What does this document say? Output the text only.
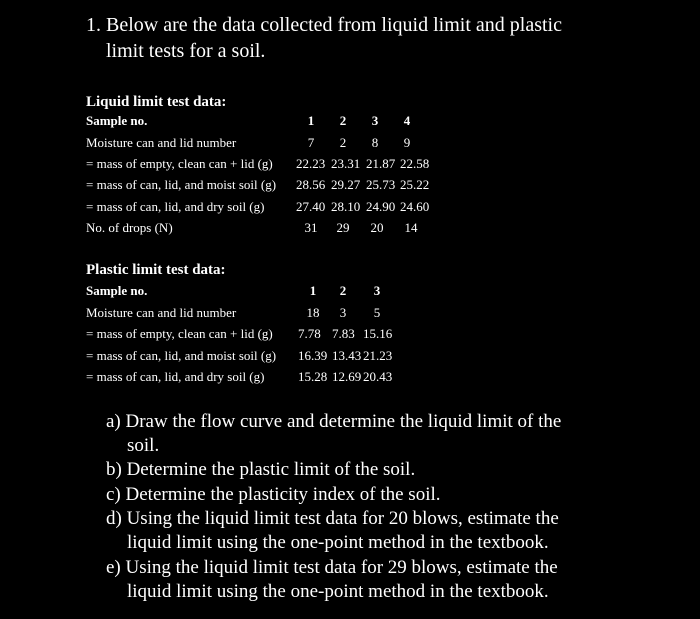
1. Below are the data collected from liquid limit and plastic
limit tests for a soil.
Liquid limit test data:
Sample no.	1	2	3	4
Moisture can and lid number	7	2	8	9
= mass of empty, clean can + lid (g) 22.23 23.31 21.87 22.58
= mass of can, lid, and moist soil (g) 28.56 29.27 25.73 25.22
= mass of can, lid, and dry soil (g) 27.40 28.10 24.90 24.60
No. of drops (N)	31	29	20	14
Plastic limit test data:
Sample no.	1	2	3
Moisture can and lid number	18	3	5
= mass of empty, clean can + lid (g) 7.78 7.83 15.16
= mass of can, lid, and moist soil (g) 16.39 13.43 21.23
= mass of can, lid, and dry soil (g)	15.28 12.69 20.43
a) Draw the flow curve and determine the liquid limit of the
soil.
b) Determine the plastic limit of the soil.
c) Determine the plasticity index of the soil.
d) Using the liquid limit test data for 20 blows, estimate the
liquid limit using the one-point method in the textbook.
e) Using the liquid limit test data for 29 blows, estimate the
liquid limit using the one-point method in the textbook.
